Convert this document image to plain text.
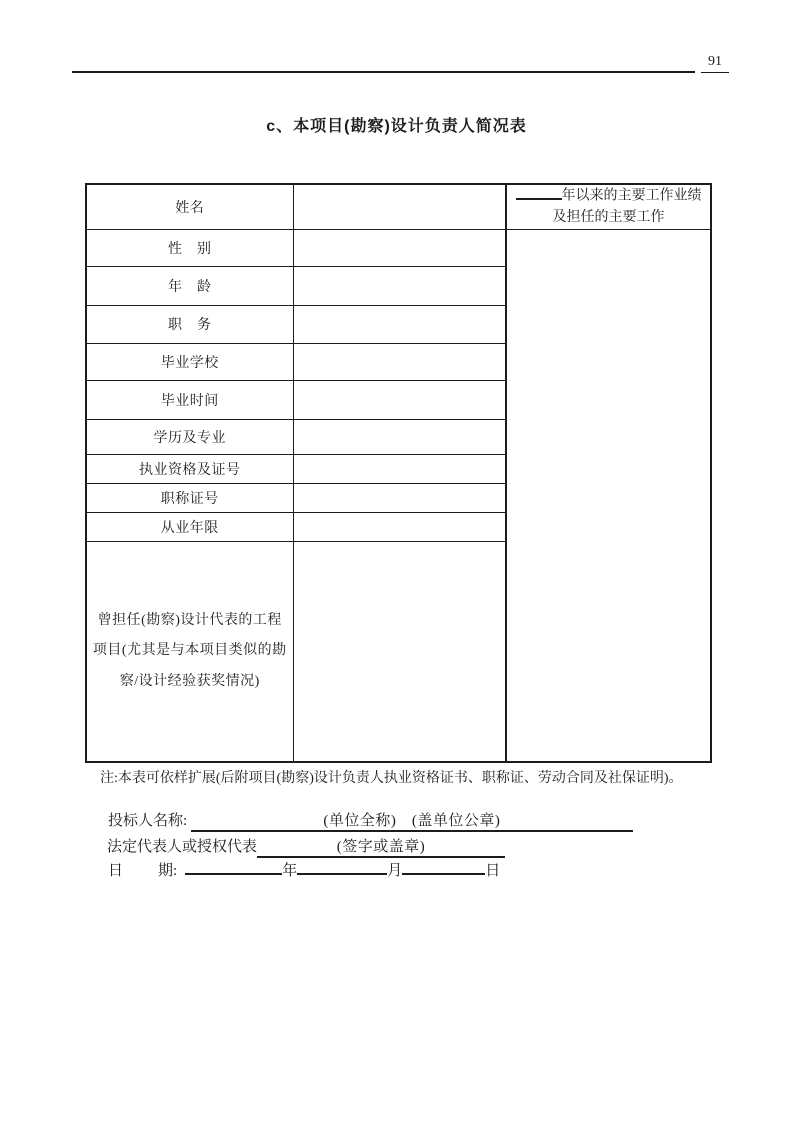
91
c、本项目(勘察)设计负责人简况表
姓名		年以来的主要工作业绩
及担任的主要工作
性　别		
年　龄		
职　务		
毕业学校		
毕业时间		
学历及专业		
执业资格及证号		
职称证号		
从业年限		
曾担任(勘察)设计代表的工程项目(尤其是与本项目类似的勘察/设计经验获奖情况)		
注:本表可依样扩展(后附项目(勘察)设计负责人执业资格证书、职称证、劳动合同及社保证明)。
投标人名称:	(单位全称)　(盖单位公章)
法定代表人或授权代表	(签字或盖章)
日 期:	年	月	日
